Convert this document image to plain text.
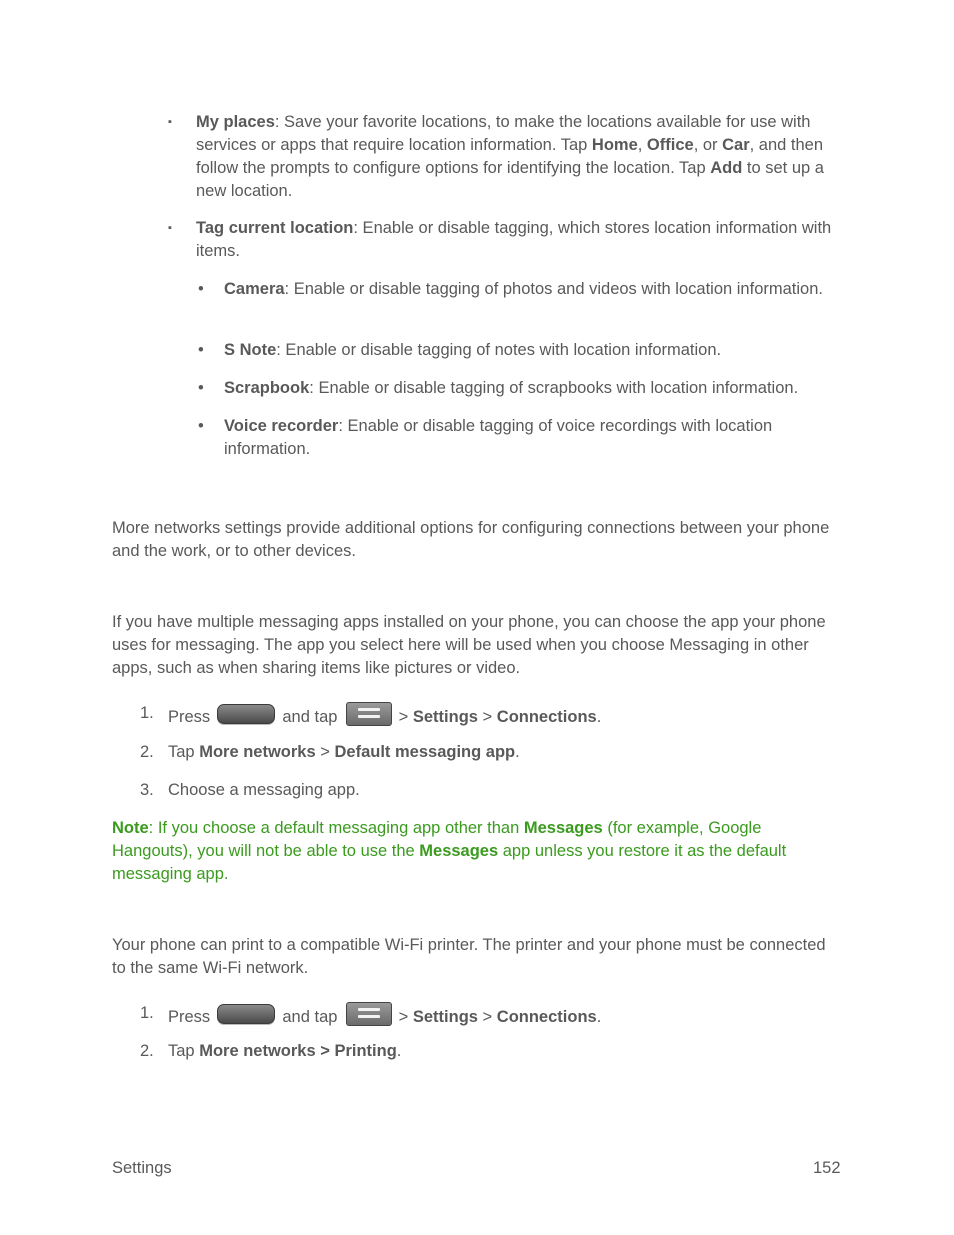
▪ My places: Save your favorite locations, to make the locations available for use with services or apps that require location information. Tap Home, Office, or Car, and then follow the prompts to configure options for identifying the location. Tap Add to set up a new location.
▪ Tag current location: Enable or disable tagging, which stores location information with items.
• Camera: Enable or disable tagging of photos and videos with location information.
• S Note: Enable or disable tagging of notes with location information.
• Scrapbook: Enable or disable tagging of scrapbooks with location information.
• Voice recorder: Enable or disable tagging of voice recordings with location information.
More networks settings provide additional options for configuring connections between your phone and the work, or to other devices.
If you have multiple messaging apps installed on your phone, you can choose the app your phone uses for messaging. The app you select here will be used when you choose Messaging in other apps, such as when sharing items like pictures or video.
1. Press	and tap	> Settings > Connections.
2. Tap More networks > Default messaging app.
3. Choose a messaging app.
Note: If you choose a default messaging app other than Messages (for example, Google Hangouts), you will not be able to use the Messages app unless you restore it as the default messaging app.
Your phone can print to a compatible Wi-Fi printer. The printer and your phone must be connected to the same Wi-Fi network.
1. Press	and tap	> Settings > Connections.
2. Tap More networks > Printing.
Settings	152
